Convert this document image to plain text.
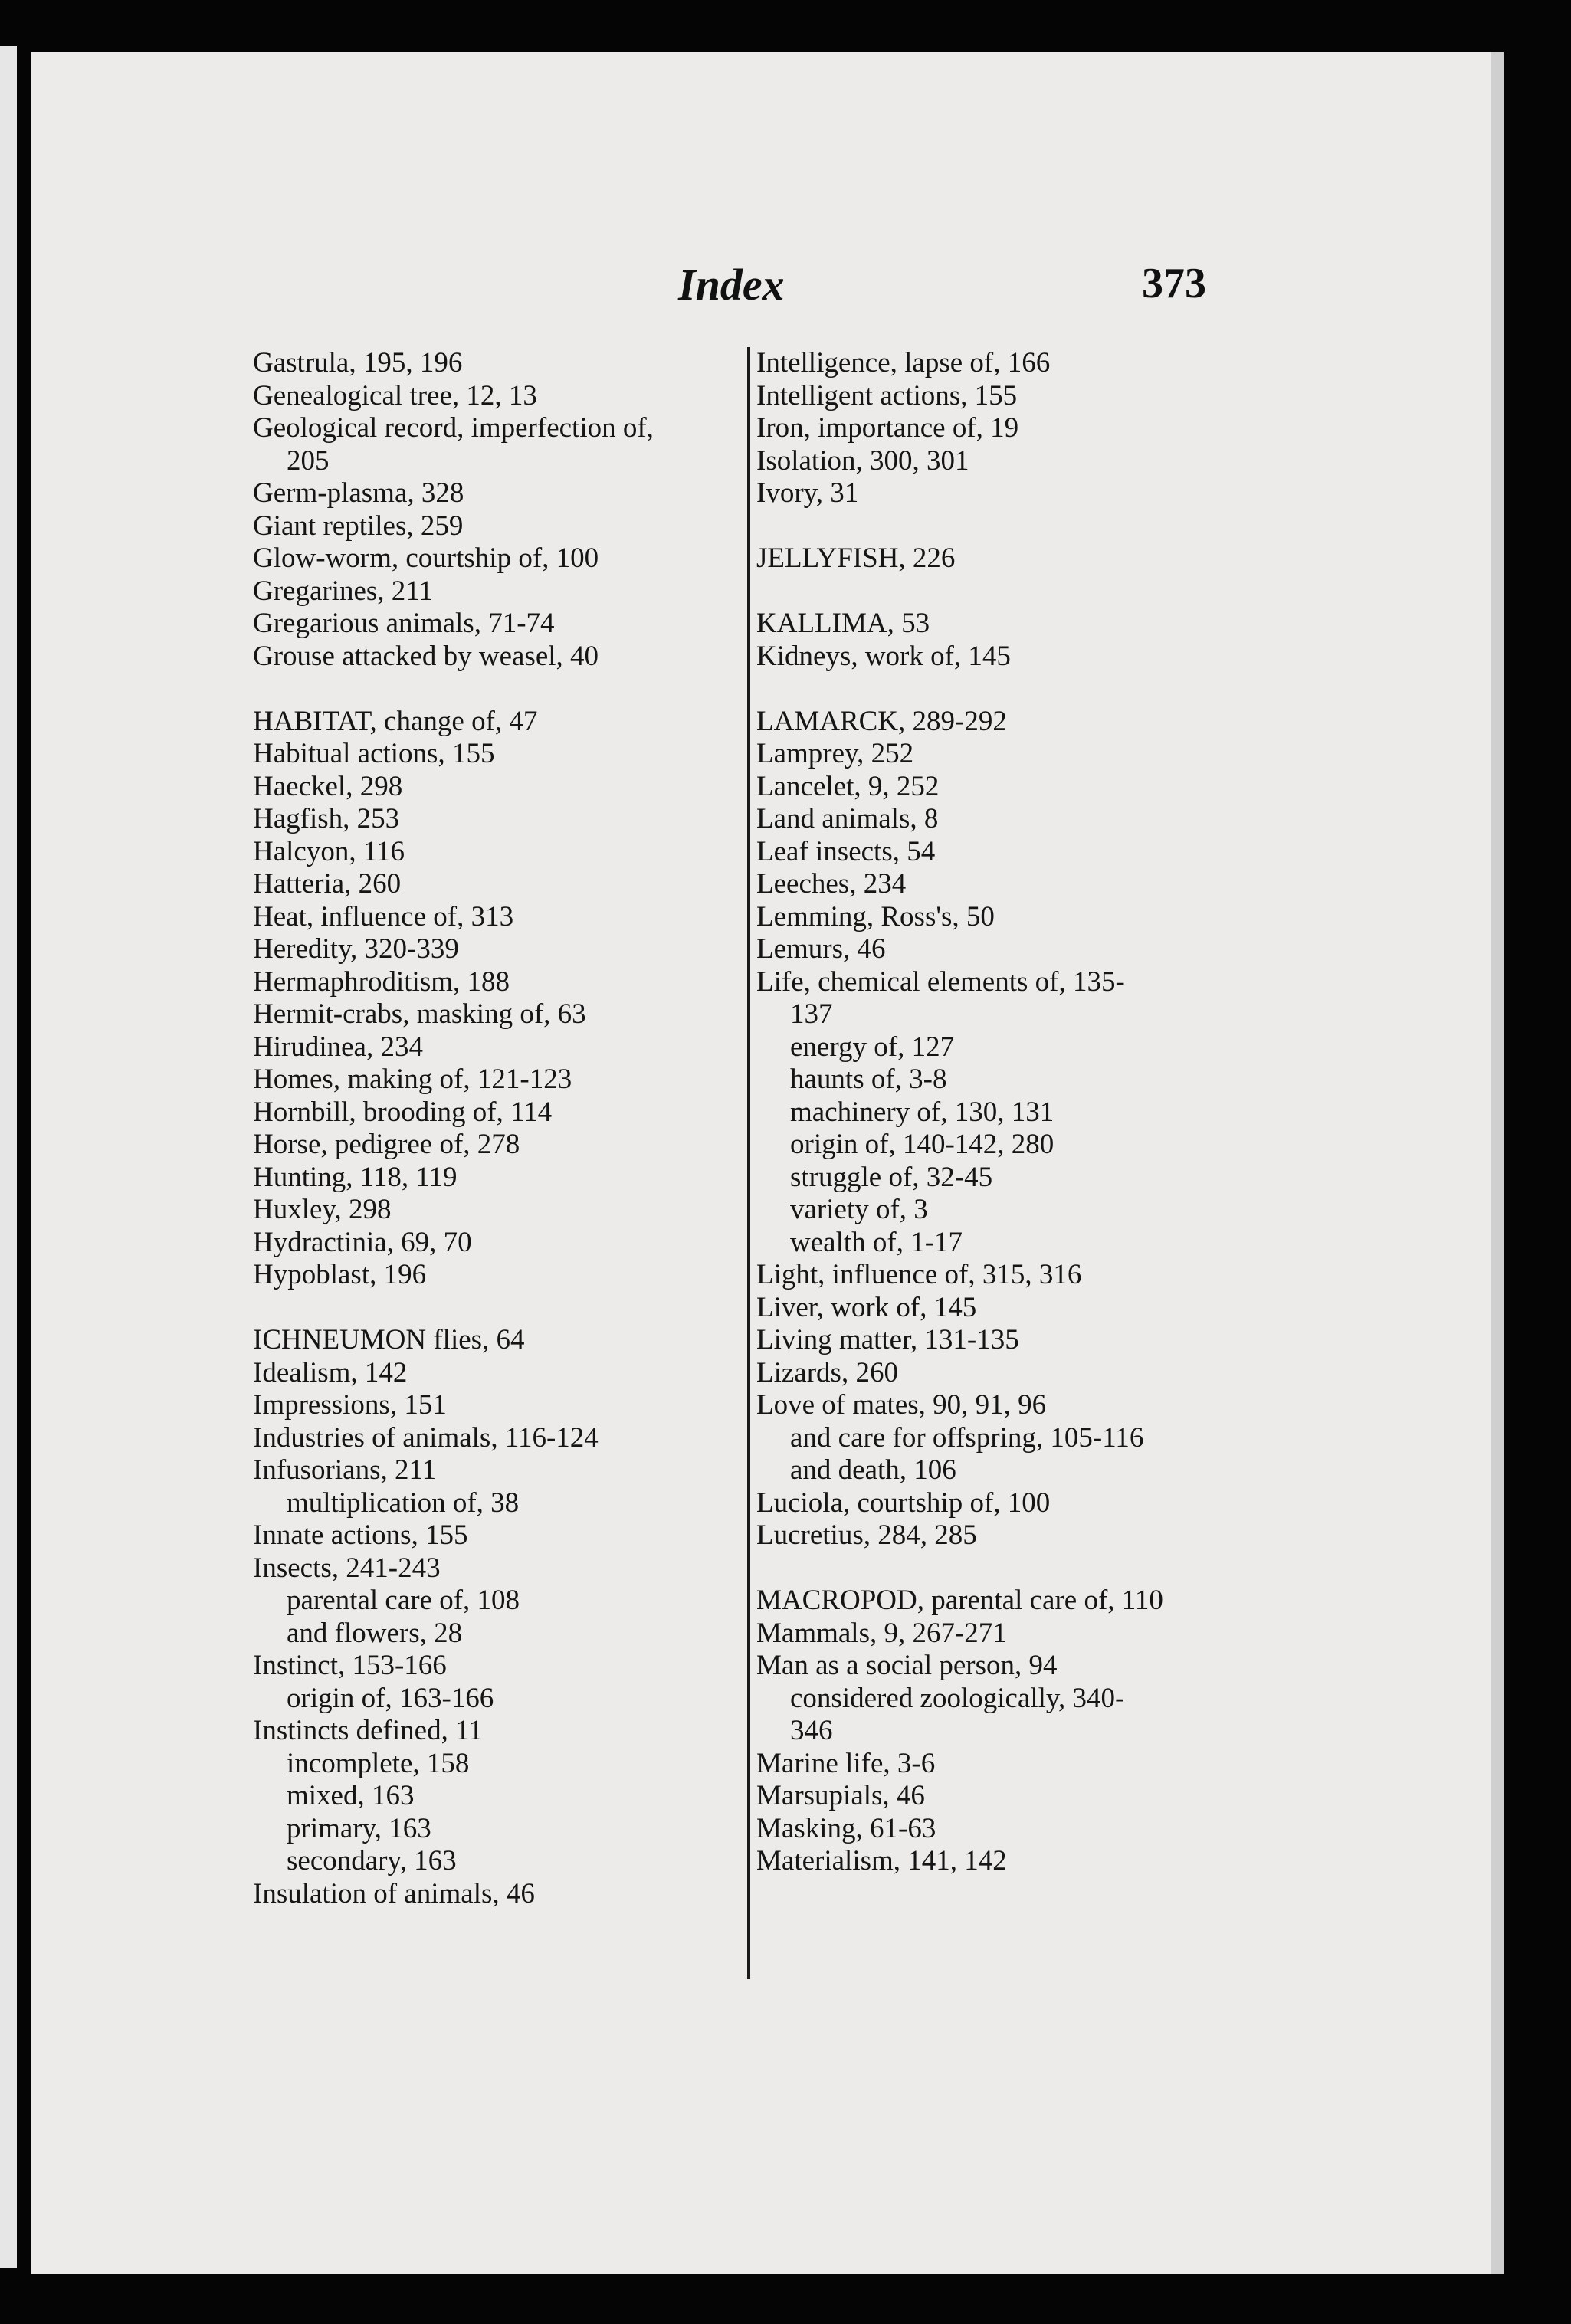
Index	373
Gastrula, 195, 196
Genealogical tree, 12, 13
Geological record, imperfection of,
205
Germ-plasma, 328
Giant reptiles, 259
Glow-worm, courtship of, 100
Gregarines, 211
Gregarious animals, 71-74
Grouse attacked by weasel, 40
HABITAT, change of, 47
Habitual actions, 155
Haeckel, 298
Hagfish, 253
Halcyon, 116
Hatteria, 260
Heat, influence of, 313
Heredity, 320-339
Hermaphroditism, 188
Hermit-crabs, masking of, 63
Hirudinea, 234
Homes, making of, 121-123
Hornbill, brooding of, 114
Horse, pedigree of, 278
Hunting, 118, 119
Huxley, 298
Hydractinia, 69, 70
Hypoblast, 196
ICHNEUMON flies, 64
Idealism, 142
Impressions, 151
Industries of animals, 116-124
Infusorians, 211
multiplication of, 38
Innate actions, 155
Insects, 241-243
parental care of, 108
and flowers, 28
Instinct, 153-166
origin of, 163-166
Instincts defined, 11
incomplete, 158
mixed, 163
primary, 163
secondary, 163
Insulation of animals, 46
Intelligence, lapse of, 166
Intelligent actions, 155
Iron, importance of, 19
Isolation, 300, 301
Ivory, 31
JELLYFISH, 226
KALLIMA, 53
Kidneys, work of, 145
LAMARCK, 289-292
Lamprey, 252
Lancelet, 9, 252
Land animals, 8
Leaf insects, 54
Leeches, 234
Lemming, Ross's, 50
Lemurs, 46
Life, chemical elements of, 135-
137
energy of, 127
haunts of, 3-8
machinery of, 130, 131
origin of, 140-142, 280
struggle of, 32-45
variety of, 3
wealth of, 1-17
Light, influence of, 315, 316
Liver, work of, 145
Living matter, 131-135
Lizards, 260
Love of mates, 90, 91, 96
and care for offspring, 105-116
and death, 106
Luciola, courtship of, 100
Lucretius, 284, 285
MACROPOD, parental care of, 110
Mammals, 9, 267-271
Man as a social person, 94
considered zoologically, 340-
346
Marine life, 3-6
Marsupials, 46
Masking, 61-63
Materialism, 141, 142
